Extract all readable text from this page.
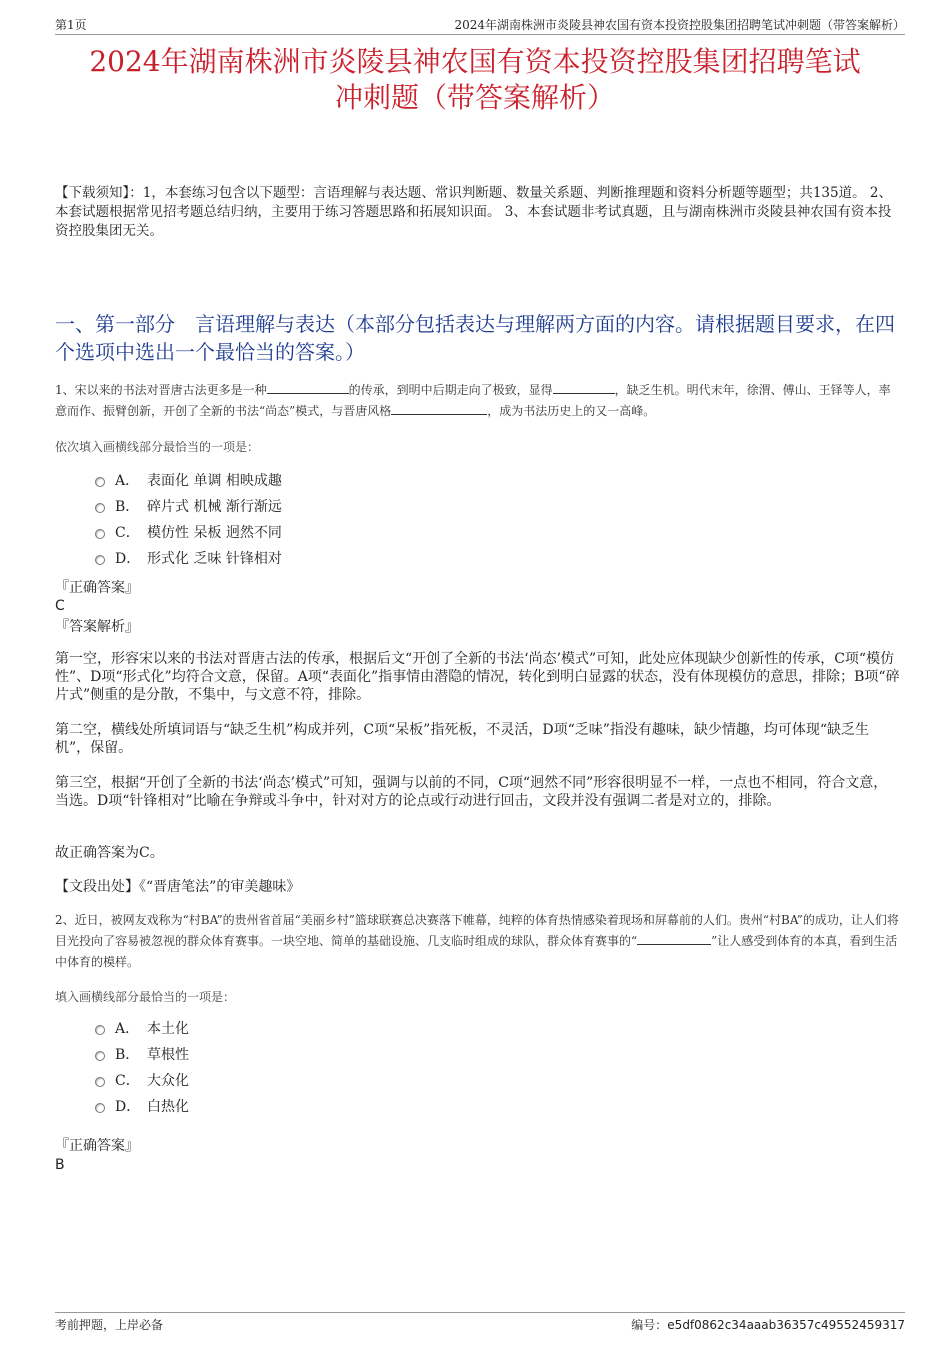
第1页	2024年湖南株洲市炎陵县神农国有资本投资控股集团招聘笔试冲刺题（带答案解析）
2024年湖南株洲市炎陵县神农国有资本投资控股集团招聘笔试
冲刺题（带答案解析）
【下载须知】：1，本套练习包含以下题型：言语理解与表达题、常识判断题、数量关系题、判断推理题和资料分析题等题型；共135道。 2、本套试题根据常见招考题总结归纳，主要用于练习答题思路和拓展知识面。 3、本套试题非考试真题，且与湖南株洲市炎陵县神农国有资本投资控股集团无关。
一、第一部分　言语理解与表达（本部分包括表达与理解两方面的内容。请根据题目要求，在四个选项中选出一个最恰当的答案。）
1、宋以来的书法对晋唐古法更多是一种	的传承，到明中后期走向了极致，显得	，缺乏生机。明代末年，徐渭、傅山、王铎等人，率意而作、振臂创新，开创了全新的书法“尚态”模式，与晋唐风格	，成为书法历史上的又一高峰。
依次填入画横线部分最恰当的一项是：
A． 表面化 单调 相映成趣
B． 碎片式 机械 渐行渐远
C． 模仿性 呆板 迥然不同
D． 形式化 乏味 针锋相对
『正确答案』
C
『答案解析』

第一空，形容宋以来的书法对晋唐古法的传承，根据后文“开创了全新的书法‘尚态’模式”可知，此处应体现缺少创新性的传承，C项“模仿性”、D项“形式化”均符合文意，保留。A项“表面化”指事情由潜隐的情况，转化到明白显露的状态，没有体现模仿的意思，排除；B项“碎片式”侧重的是分散，不集中，与文意不符，排除。

第二空，横线处所填词语与“缺乏生机”构成并列，C项“呆板”指死板，不灵活，D项“乏味”指没有趣味，缺少情趣，均可体现“缺乏生机”，保留。

第三空，根据“开创了全新的书法‘尚态’模式”可知，强调与以前的不同，C项“迥然不同”形容很明显不一样，一点也不相同，符合文意，当选。D项“针锋相对”比喻在争辩或斗争中，针对对方的论点或行动进行回击，文段并没有强调二者是对立的，排除。

故正确答案为C。

【文段出处】《“晋唐笔法”的审美趣味》

2、近日，被网友戏称为“村BA”的贵州省首届“美丽乡村”篮球联赛总决赛落下帷幕，纯粹的体育热情感染着现场和屏幕前的人们。贵州“村BA”的成功，让人们将目光投向了容易被忽视的群众体育赛事。一块空地、简单的基础设施、几支临时组成的球队，群众体育赛事的“	”让人感受到体育的本真，看到生活中体育的模样。
填入画横线部分最恰当的一项是：
A． 本土化
B． 草根性
C． 大众化
D． 白热化
『正确答案』
B
考前押题，上岸必备	编号：e5df0862c34aaab36357c49552459317
